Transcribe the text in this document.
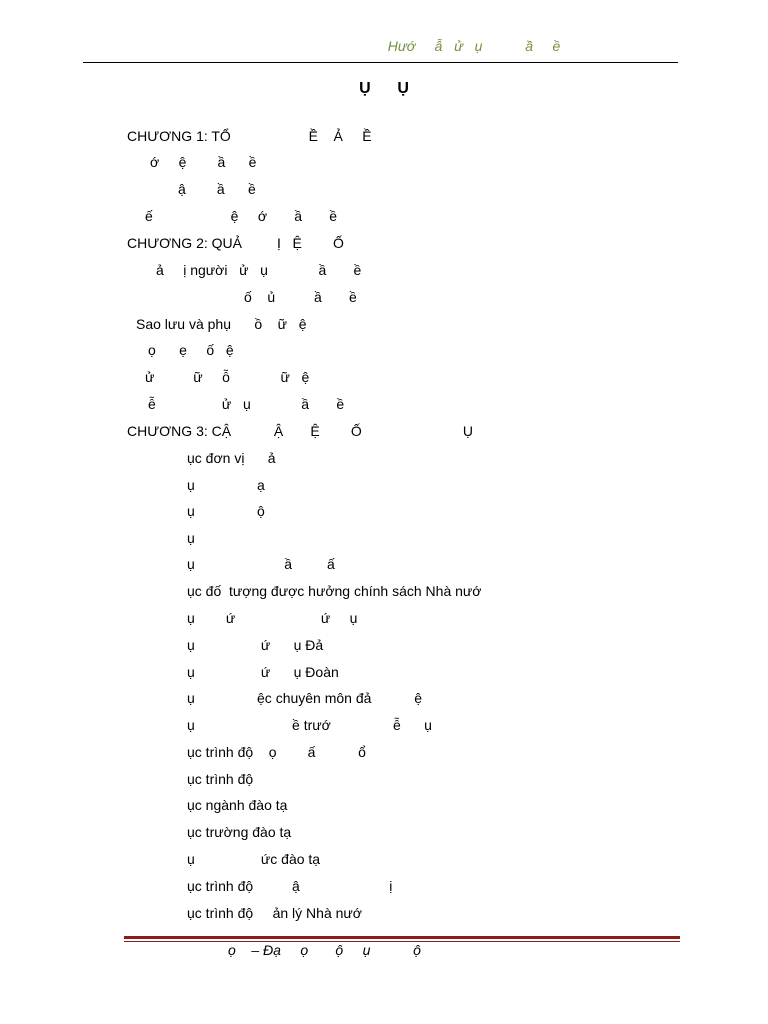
Hướ     ẫ   ử   ụ           ầ     ề
Ụ      Ụ
CHƯƠNG 1: TỔ                    Ề    Ả     Ề
ớ     ệ        ầ      ề
ậ        ầ      ề
ế                    ệ     ớ       ầ       ề
CHƯƠNG 2: QUẢ         Ị   Ệ        Ố
ả     ị người   ử   ụ             ầ       ề
ố    ủ          ầ       ề
Sao lưu và phụ      ồ    ữ   ệ
ọ      ẹ     ố   ệ
ử          ữ     ỗ             ữ   ệ
ễ                 ử   ụ             ầ       ề
CHƯƠNG 3: CẬ           Ậ       Ệ        Ố                          Ụ
ục đơn vị      ả
ụ                ạ
ụ                ộ
ụ
ụ                       ầ         ấ
ục đố  tượng được hưởng chính sách Nhà nướ
ụ        ứ                      ứ     ụ
ụ                 ứ      ụ Đả
ụ                 ứ      ụ Đoàn
ụ                ệc chuyên môn đả           ệ
ụ                         ề trướ                ễ      ụ
ục trình độ    ọ        ấ           ổ
ục trình độ
ục ngành đào tạ
ục trường đào tạ
ụ                 ức đào tạ
ục trình độ          ậ                       ị
ục trình độ     ản lý Nhà nướ
ọ    – Đạ     ọ       ộ     ụ           ộ
